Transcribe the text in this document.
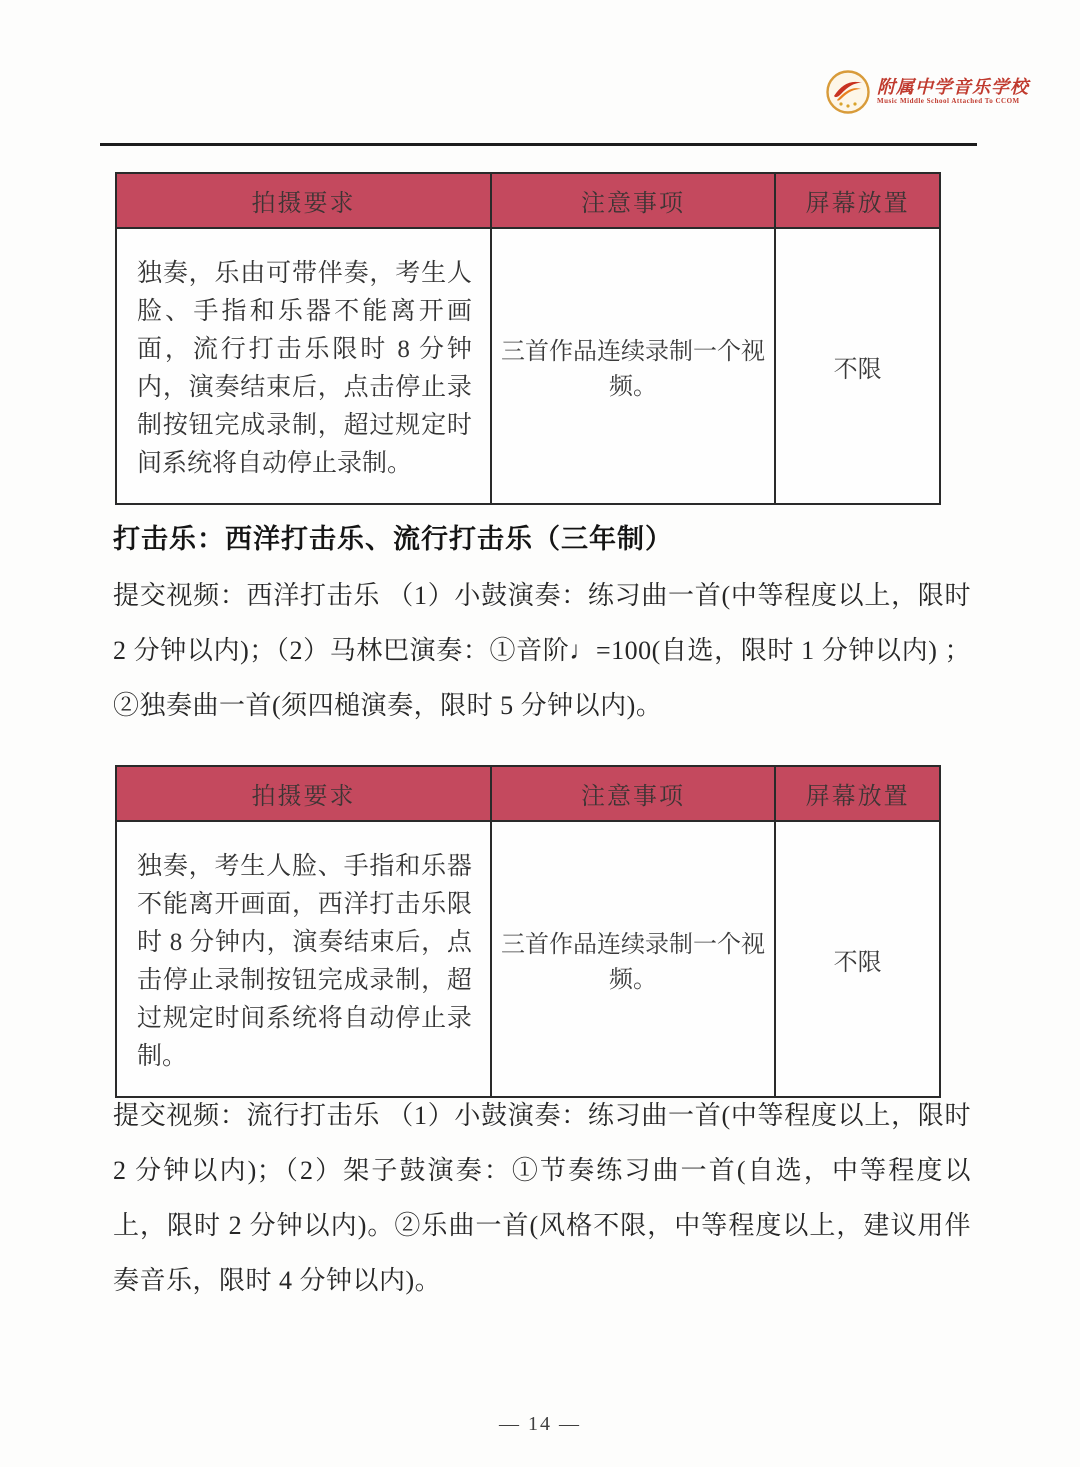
附属中学音乐学校
Music Middle School Attached To CCOM
拍摄要求	注意事项	屏幕放置
独奏，乐由可带伴奏，考生人脸、手指和乐器不能离开画面，流行打击乐限时 8 分钟内，演奏结束后，点击停止录制按钮完成录制，超过规定时间系统将自动停止录制。	三首作品连续录制一个视频。	不限
打击乐：西洋打击乐、流行打击乐（三年制）

提交视频：西洋打击乐 （1）小鼓演奏：练习曲一首(中等程度以上，限时 2 分钟以内)；（2）马林巴演奏：①音阶♩=100(自选，限时 1 分钟以内) ；②独奏曲一首(须四槌演奏，限时 5 分钟以内)。

拍摄要求	注意事项	屏幕放置
独奏，考生人脸、手指和乐器不能离开画面，西洋打击乐限时 8 分钟内，演奏结束后，点击停止录制按钮完成录制，超过规定时间系统将自动停止录制。	三首作品连续录制一个视频。	不限

提交视频：流行打击乐 （1）小鼓演奏：练习曲一首(中等程度以上，限时 2 分钟以内)；（2）架子鼓演奏：①节奏练习曲一首(自选，中等程度以上，限时 2 分钟以内)。②乐曲一首(风格不限，中等程度以上，建议用伴奏音乐，限时 4 分钟以内)。

— 14 —
